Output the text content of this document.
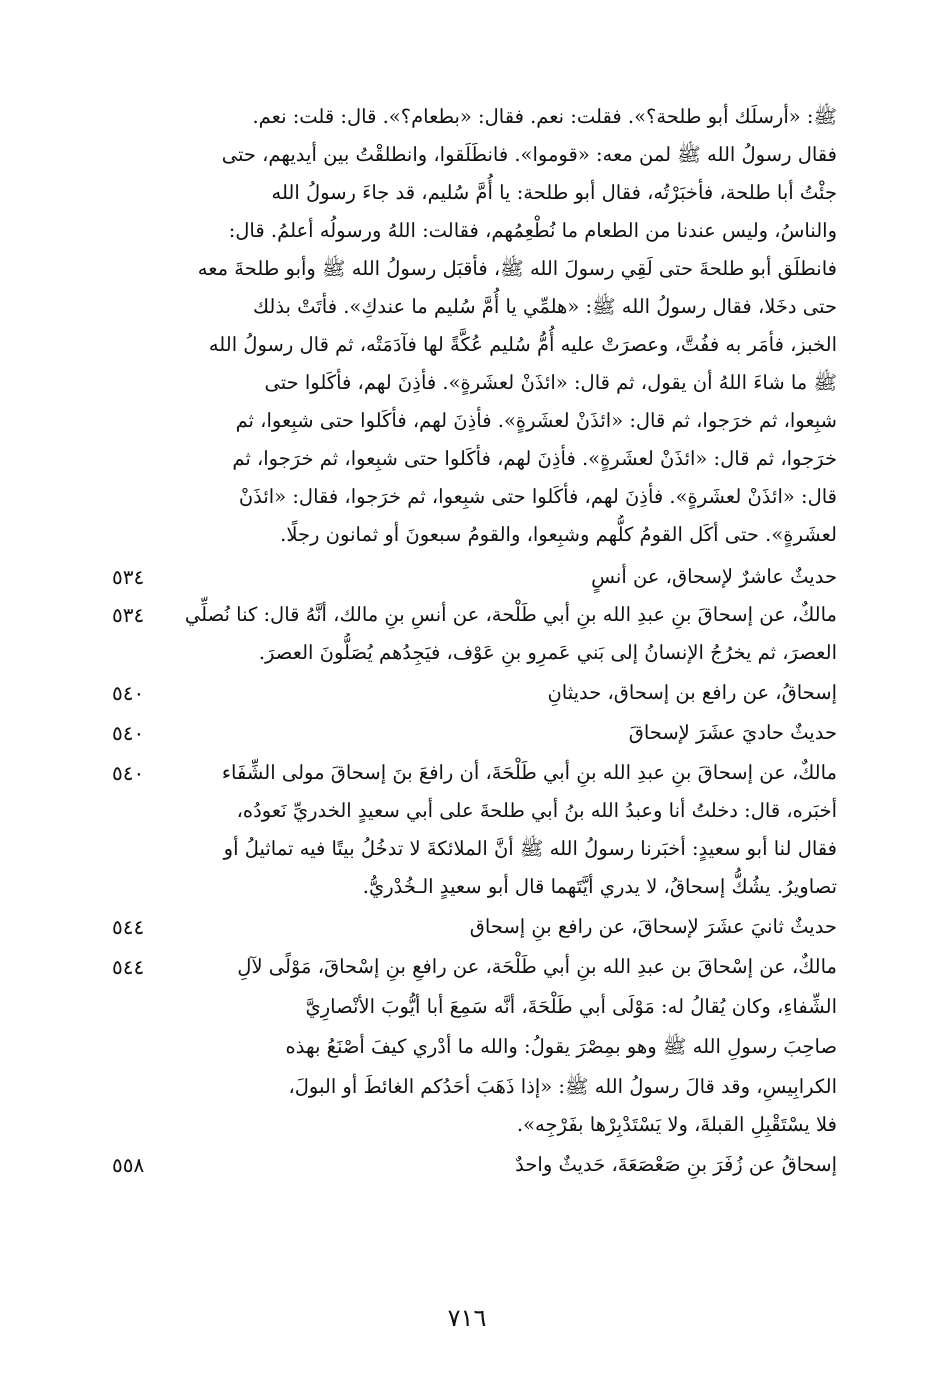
ﷺ: «أرسلَك أبو طلحة؟». فقلت: نعم. فقال: «بطعام؟». قال: قلت: نعم.
فقال رسولُ الله ﷺ لمن معه: «قوموا». فانطَلَقوا، وانطلقْتُ بين أيديهم، حتى
جئْتُ أبا طلحة، فأخبَرْتُه، فقال أبو طلحة: يا أُمَّ سُليم، قد جاءَ رسولُ الله
والناسُ، وليس عندنا من الطعام ما نُطْعِمُهم، فقالت: اللهُ ورسولُه أعلمُ. قال:
فانطلَق أبو طلحةَ حتى لَقِي رسولَ الله ﷺ، فأقبَل رسولُ الله ﷺ وأبو طلحةَ معه
حتى دخَلا، فقال رسولُ الله ﷺ: «هلمِّي يا أُمَّ سُليم ما عندكِ». فأتَتْ بذلك
الخبز، فأمَر به ففُتَّ، وعصرَتْ عليه أُمُّ سُليم عُكَّةً لها فآدَمَتْه، ثم قال رسولُ الله
ﷺ ما شاءَ اللهُ أن يقول، ثم قال: «ائذَنْ لعشَرةٍ». فأذِنَ لهم، فأكَلوا حتى
شبِعوا، ثم خرَجوا، ثم قال: «ائذَنْ لعشَرةٍ». فأذِنَ لهم، فأكَلوا حتى شبِعوا، ثم
خرَجوا، ثم قال: «ائذَنْ لعشَرةٍ». فأذِنَ لهم، فأكَلوا حتى شبِعوا، ثم خرَجوا، ثم
قال: «ائذَنْ لعشَرةٍ». فأذِنَ لهم، فأكَلوا حتى شبِعوا، ثم خرَجوا، فقال: «ائذَنْ
لعشَرةٍ». حتى أكَل القومُ كلُّهم وشبِعوا، والقومُ سبعونَ أو ثمانون رجلًا.
حديثٌ عاشرٌ لإسحاق، عن أنسٍ
٥٣٤
مالكٌ، عن إسحاقَ بنِ عبدِ الله بنِ أبي طَلْحة، عن أنسِ بنِ مالك، أنَّهُ قال: كنا نُصلِّي
٥٣٤
العصرَ، ثم يخرُجُ الإنسانُ إلى بَني عَمرِو بنِ عَوْف، فيَجِدُهم يُصَلُّونَ العصرَ.
إسحاقُ، عن رافع بن إسحاق، حديثانِ
٥٤٠
حديثٌ حاديَ عشَرَ لإسحاقَ
٥٤٠
مالكٌ، عن إسحاقَ بنِ عبدِ الله بنِ أبي طَلْحَةَ، أن رافعَ بنَ إسحاقَ مولى الشِّفَاء
٥٤٠
أخبَره، قال: دخلتُ أنا وعبدُ الله بنُ أبي طلحةَ على أبي سعيدٍ الخدريِّ نَعودُه،
فقال لنا أبو سعيدٍ: أخبَرنا رسولُ الله ﷺ أنَّ الملائكةَ لا تدخُلُ بيتًا فيه تماثيلُ أو
تصاويرُ. يشُكُّ إسحاقُ، لا يدري أيَّتَهما قال أبو سعيدٍ الـخُدْريُّ.
حديثٌ ثانيَ عشَرَ لإسحاقَ، عن رافع بنِ إسحاق
٥٤٤
مالكٌ، عن إسْحاقَ بن عبدِ الله بنِ أبي طَلْحَة، عن رافعِ بنِ إسْحاقَ، مَوْلًى لآلِ
٥٤٤
الشِّفاءِ، وكان يُقالُ له: مَوْلَى أبي طَلْحَةَ، أنَّه سَمِعَ أبا أيُّوبَ الأنْصارِيَّ
صاحِبَ رسولِ الله ﷺ وهو بمِصْرَ يقولُ: والله ما أدْري كيفَ أصْنَعُ بهذه
الكرابِيسِ، وقد قالَ رسولُ الله ﷺ: «إذا ذَهَبَ أحَدُكم الغائطَ أو البولَ،
فلا يسْتَقْبِلِ القبلةَ، ولا يَسْتَدْبِرْها بفَرْجِه».
إسحاقُ عن زُفَرَ بنِ صَعْصَعَةَ، حَديثٌ واحدٌ
٥٥٨
٧١٦
